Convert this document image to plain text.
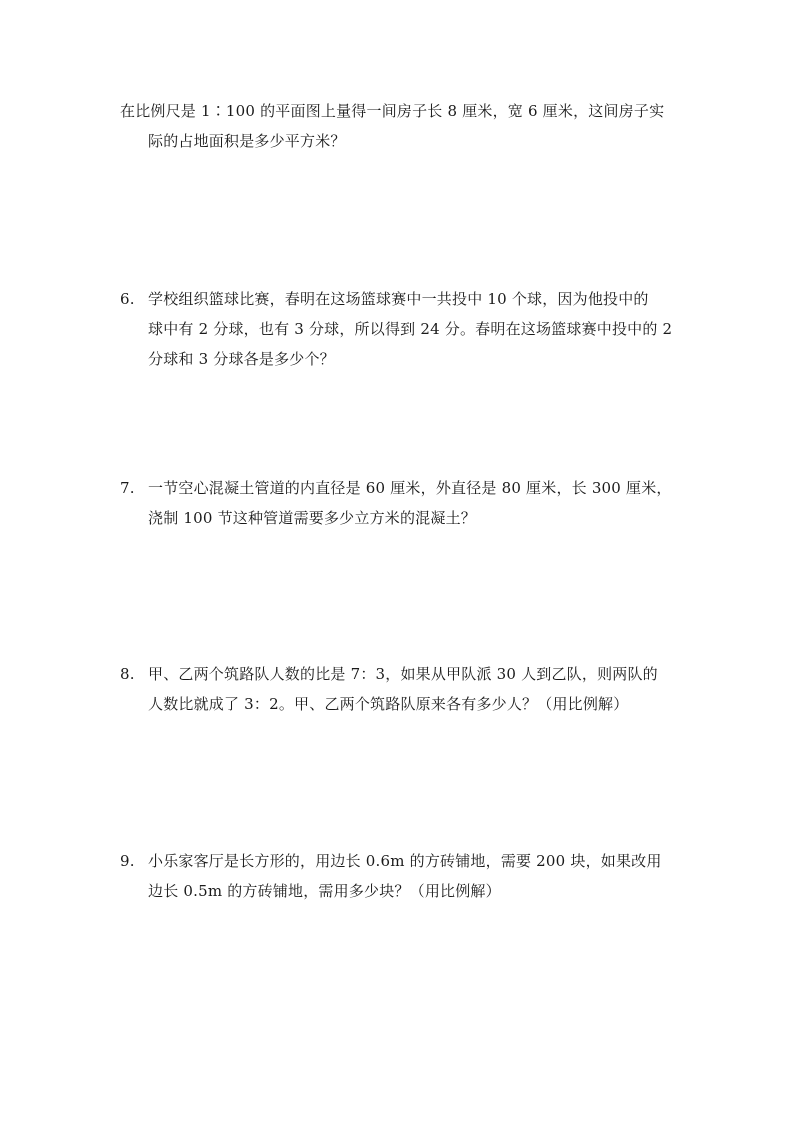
在比例尺是 1∶100 的平面图上量得一间房子长 8 厘米，宽 6 厘米，这间房子实
际的占地面积是多少平方米？
6. 学校组织篮球比赛，春明在这场篮球赛中一共投中 10 个球，因为他投中的
球中有 2 分球，也有 3 分球，所以得到 24 分。春明在这场篮球赛中投中的 2
分球和 3 分球各是多少个？
7. 一节空心混凝土管道的内直径是 60 厘米，外直径是 80 厘米，长 300 厘米，
浇制 100 节这种管道需要多少立方米的混凝土？
8. 甲、乙两个筑路队人数的比是 7：3，如果从甲队派 30 人到乙队，则两队的
人数比就成了 3：2。甲、乙两个筑路队原来各有多少人？（用比例解）
9. 小乐家客厅是长方形的，用边长 0.6m 的方砖铺地，需要 200 块，如果改用
边长 0.5m 的方砖铺地，需用多少块？（用比例解）
